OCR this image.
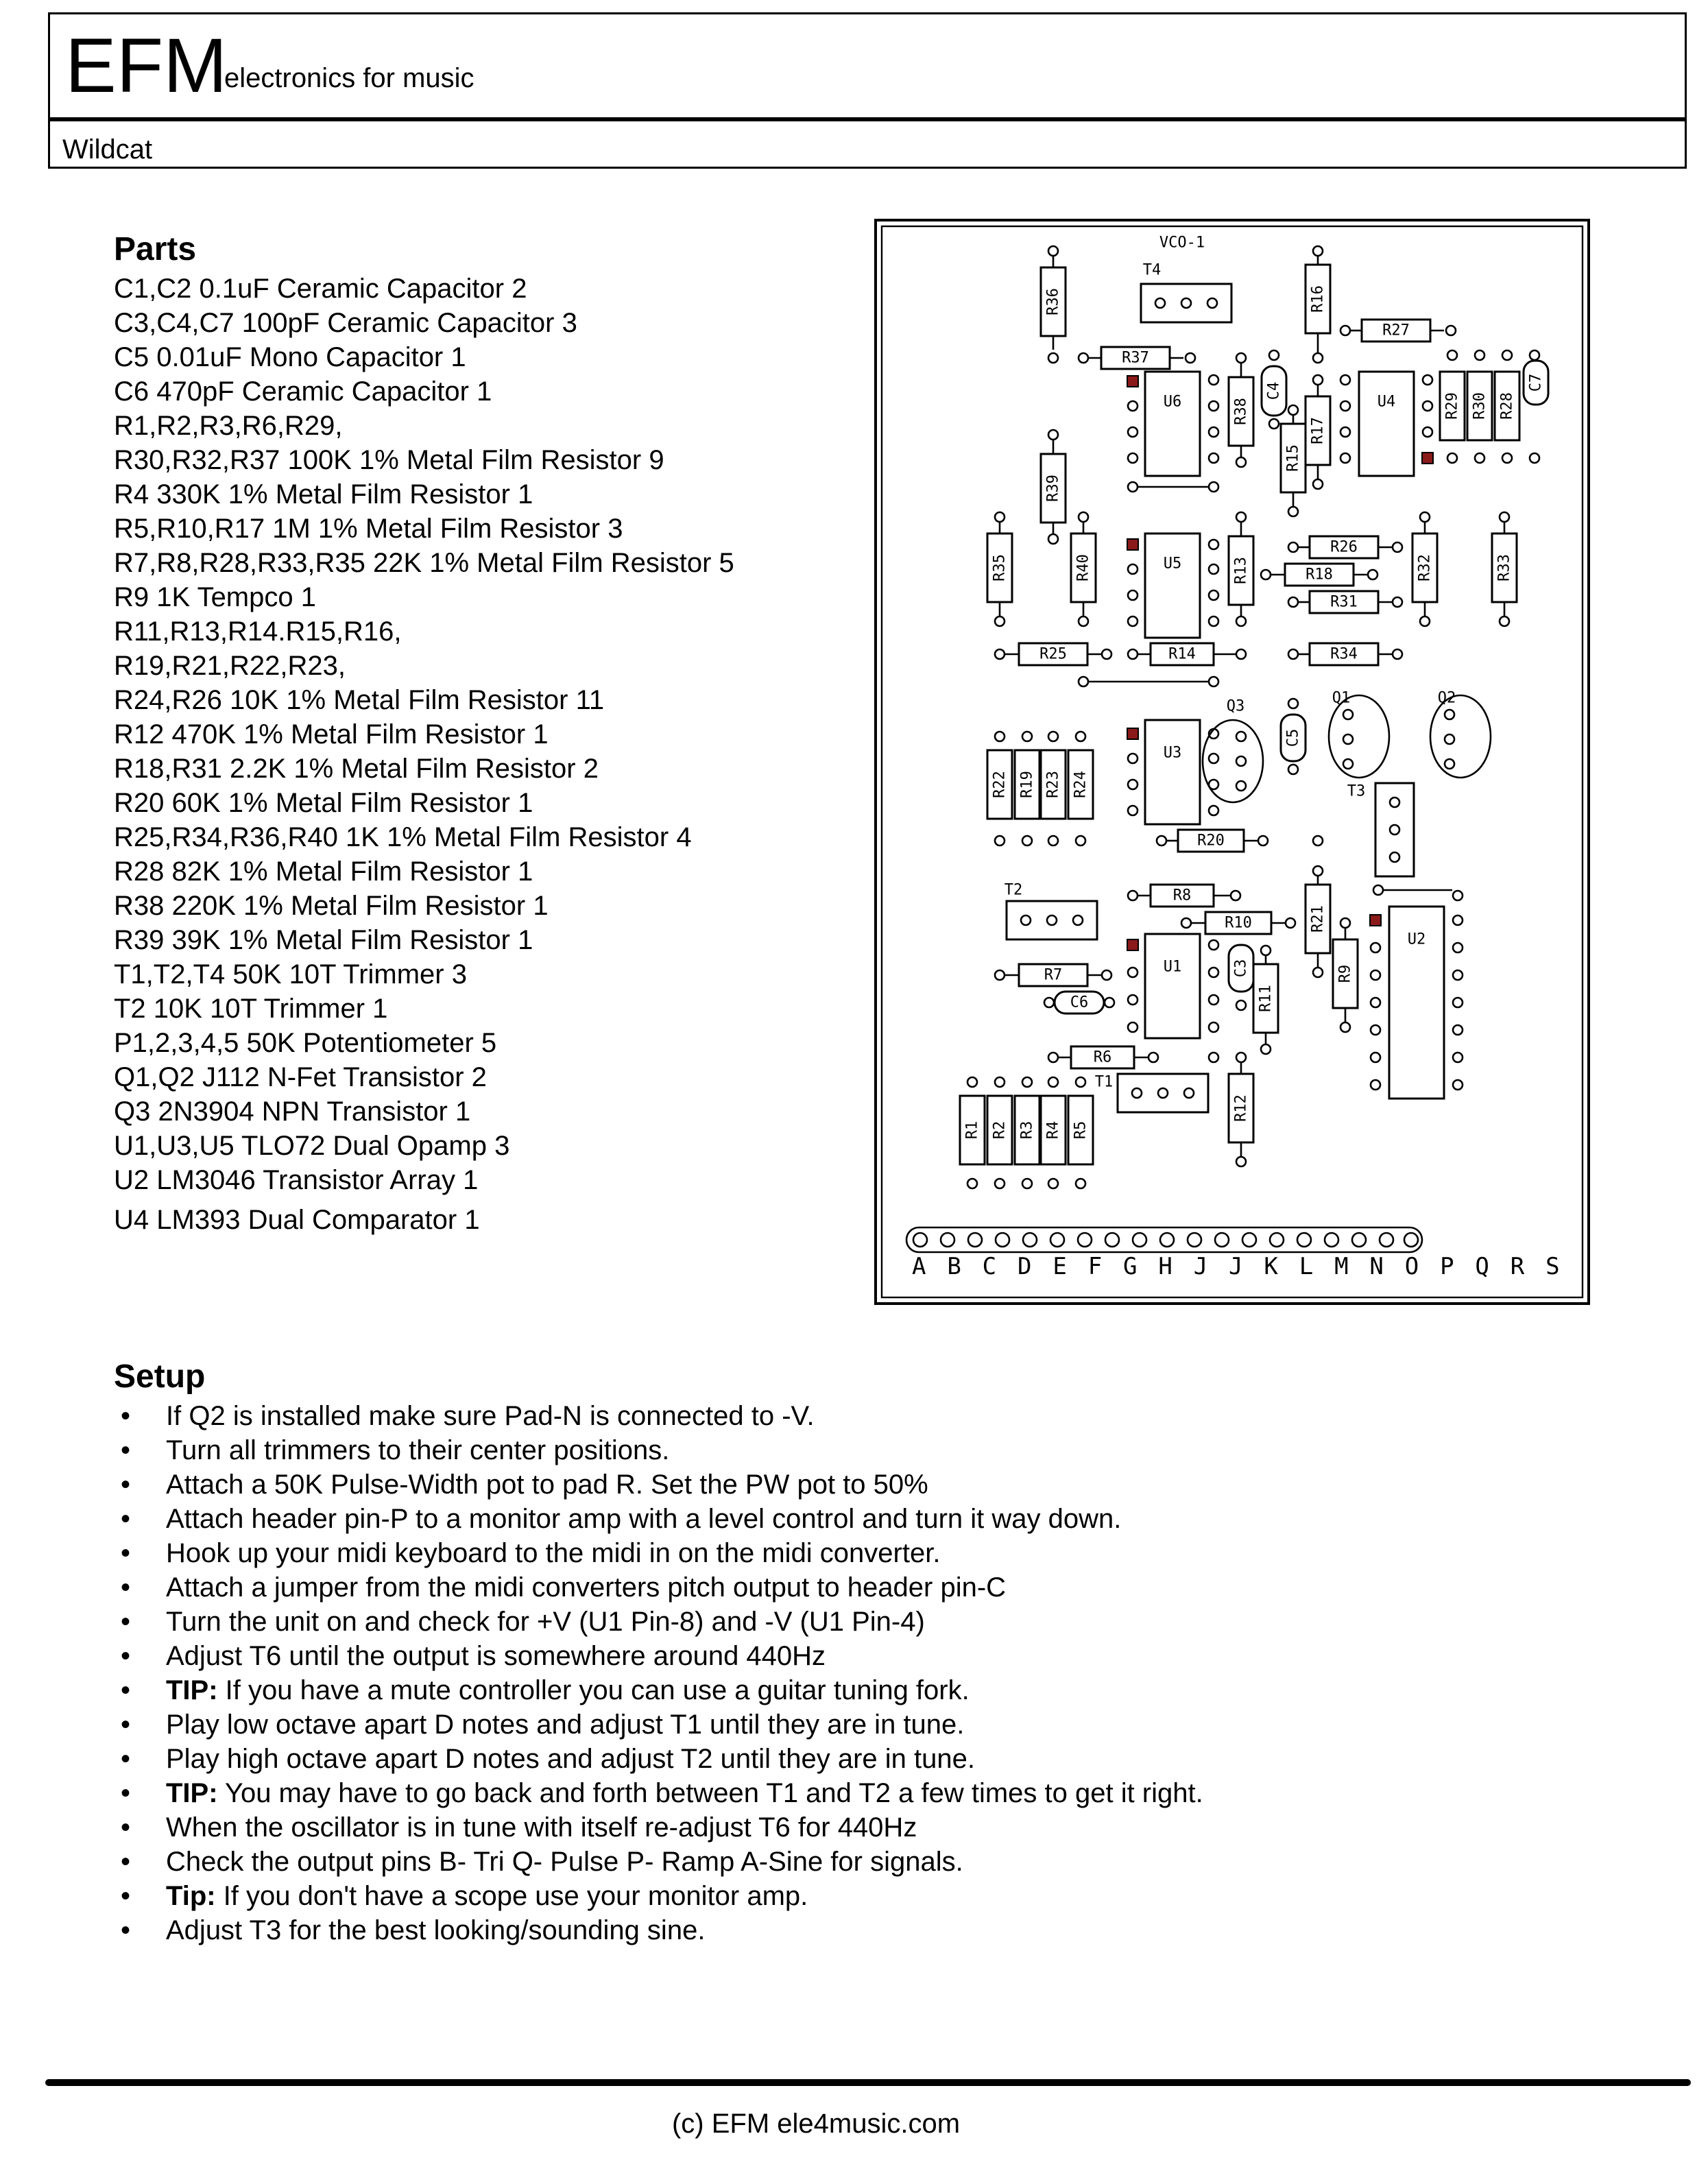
EFM
electronics for music
Wildcat
Parts
C1,C2 0.1uF Ceramic Capacitor 2
C3,C4,C7 100pF Ceramic Capacitor 3
C5 0.01uF Mono Capacitor 1
C6 470pF Ceramic Capacitor 1
R1,R2,R3,R6,R29,
R30,R32,R37 100K 1% Metal Film Resistor 9
R4 330K 1% Metal Film Resistor 1
R5,R10,R17 1M 1% Metal Film Resistor 3
R7,R8,R28,R33,R35 22K 1% Metal Film Resistor 5
R9 1K Tempco 1
R11,R13,R14.R15,R16,
R19,R21,R22,R23,
R24,R26 10K 1% Metal Film Resistor 11
R12 470K 1% Metal Film Resistor 1
R18,R31 2.2K 1% Metal Film Resistor 2
R20 60K 1% Metal Film Resistor 1
R25,R34,R36,R40 1K 1% Metal Film Resistor 4
R28 82K 1% Metal Film Resistor 1
R38 220K 1% Metal Film Resistor 1
R39 39K 1% Metal Film Resistor 1
T1,T2,T4 50K 10T Trimmer 3
T2 10K 10T Trimmer 1
P1,2,3,4,5 50K Potentiometer 5
Q1,Q2 J112 N-Fet Transistor 2
Q3 2N3904 NPN Transistor 1
U1,U3,U5 TLO72 Dual Opamp 3
U2 LM3046 Transistor Array 1
U4 LM393 Dual Comparator 1
VCO-1
R36
T4
R37
U6	R38
C4
R16
R27
R17
R15
U4	R29 R30 R28
C7
R39
R35	R40	U5	R13
R26
R18
R31
R32	R33
R25	R14	R34
R22 R19 R23 R24
U3
Q3
C5
Q1	Q2
T3
R20
T2	R8
R10	R21
R9
U1	C3
R11
U2
R7
C6
R6
R12
T1
R1 R2 R3 R4 R5
A B C D E F G H J J K L M N O P Q R S
Setup
• If Q2 is installed make sure Pad-N is connected to -V.
• Turn all trimmers to their center positions.
• Attach a 50K Pulse-Width pot to pad R. Set the PW pot to 50%
• Attach header pin-P to a monitor amp with a level control and turn it way down.
• Hook up your midi keyboard to the midi in on the midi converter.
• Attach a jumper from the midi converters pitch output to header pin-C
• Turn the unit on and check for +V (U1 Pin-8) and -V (U1 Pin-4)
• Adjust T6 until the output is somewhere around 440Hz
• TIP: If you have a mute controller you can use a guitar tuning fork.
• Play low octave apart D notes and adjust T1 until they are in tune.
• Play high octave apart D notes and adjust T2 until they are in tune.
• TIP: You may have to go back and forth between T1 and T2 a few times to get it right.
• When the oscillator is in tune with itself re-adjust T6 for 440Hz
• Check the output pins B- Tri Q- Pulse P- Ramp A-Sine for signals.
• Tip: If you don't have a scope use your monitor amp.
• Adjust T3 for the best looking/sounding sine.
(c) EFM ele4music.com
